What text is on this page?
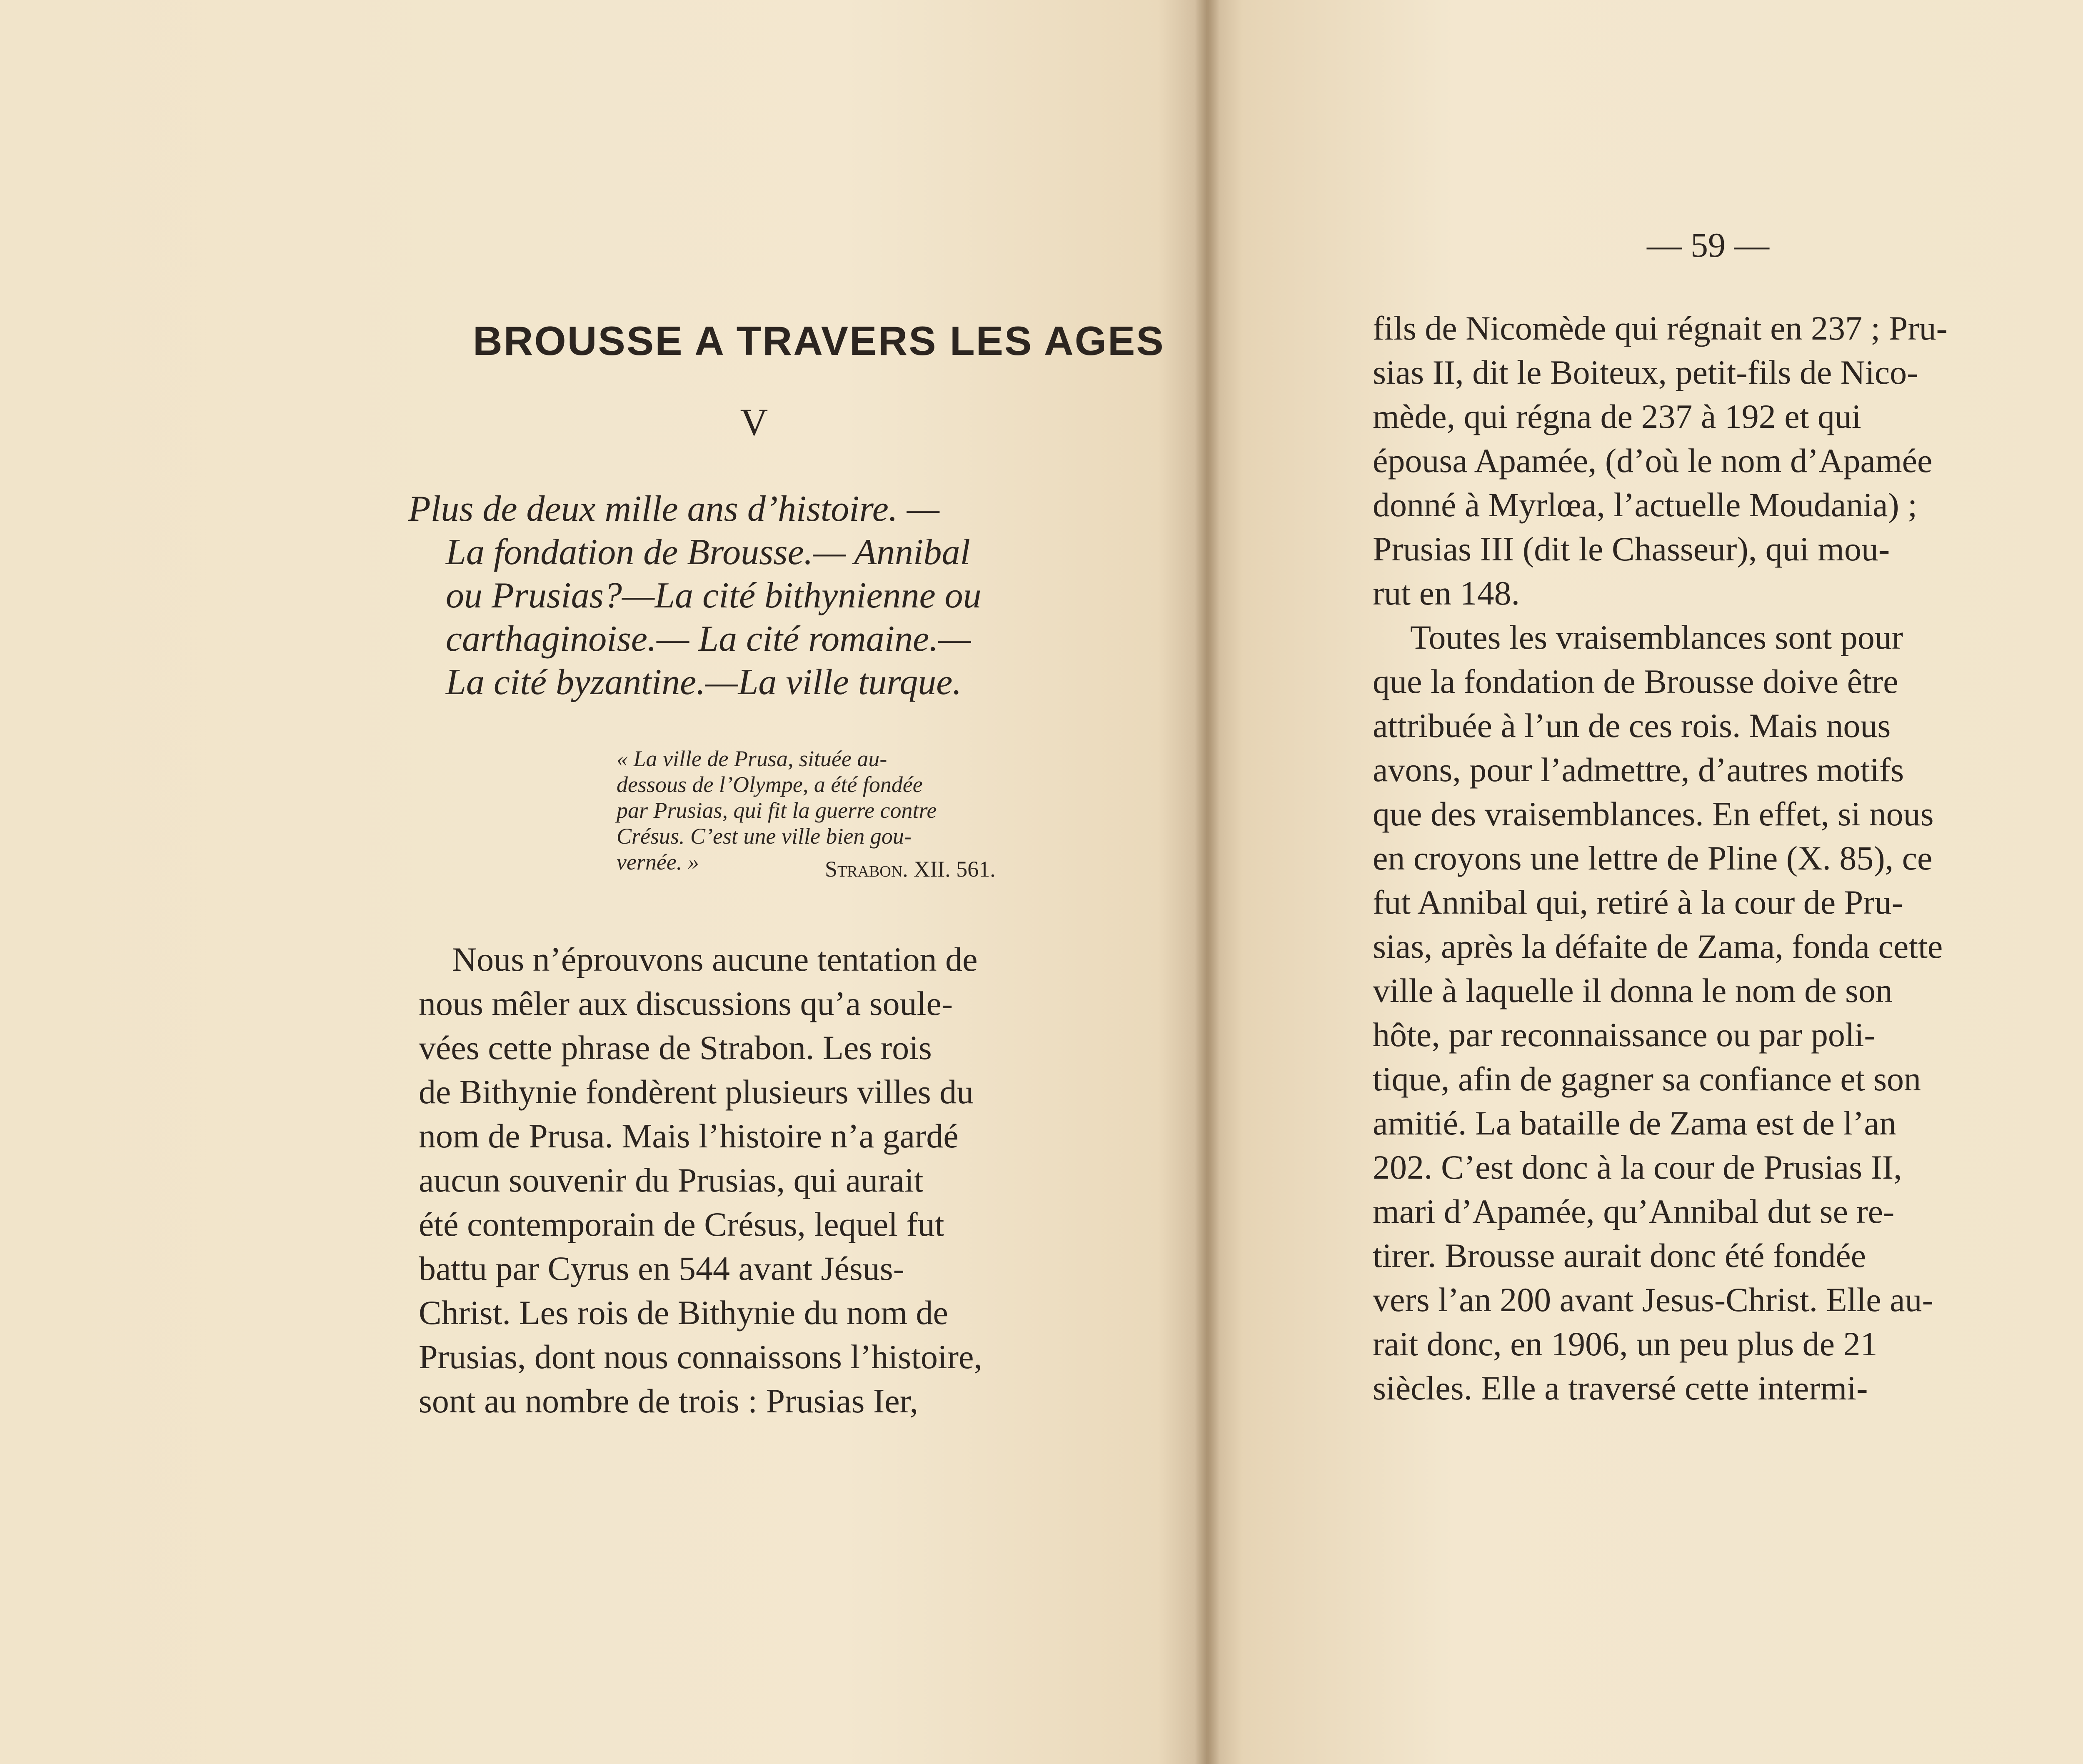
BROUSSE A TRAVERS LES AGES
V
Plus de deux mille ans d’histoire. —
La fondation de Brousse.— Annibal
ou Prusias?—La cité bithynienne ou
carthaginoise.— La cité romaine.—
La cité byzantine.—La ville turque.
« La ville de Prusa, située au-
dessous de l’Olympe, a été fondée
par Prusias, qui fit la guerre contre
Crésus. C’est une ville bien gou-
vernée. »	Strabon. XII. 561.
Nous n’éprouvons aucune tentation de
nous mêler aux discussions qu’a soule-
vées cette phrase de Strabon. Les rois
de Bithynie fondèrent plusieurs villes du
nom de Prusa. Mais l’histoire n’a gardé
aucun souvenir du Prusias, qui aurait
été contemporain de Crésus, lequel fut
battu par Cyrus en 544 avant Jésus-
Christ. Les rois de Bithynie du nom de
Prusias, dont nous connaissons l’histoire,
sont au nombre de trois : Prusias Ier,
— 59 —
fils de Nicomède qui régnait en 237 ; Pru-
sias II, dit le Boiteux, petit-fils de Nico-
mède, qui régna de 237 à 192 et qui
épousa Apamée, (d’où le nom d’Apamée
donné à Myrlœa, l’actuelle Moudania) ;
Prusias III (dit le Chasseur), qui mou-
rut en 148.
Toutes les vraisemblances sont pour
que la fondation de Brousse doive être
attribuée à l’un de ces rois. Mais nous
avons, pour l’admettre, d’autres motifs
que des vraisemblances. En effet, si nous
en croyons une lettre de Pline (X. 85), ce
fut Annibal qui, retiré à la cour de Pru-
sias, après la défaite de Zama, fonda cette
ville à laquelle il donna le nom de son
hôte, par reconnaissance ou par poli-
tique, afin de gagner sa confiance et son
amitié. La bataille de Zama est de l’an
202. C’est donc à la cour de Prusias II,
mari d’Apamée, qu’Annibal dut se re-
tirer. Brousse aurait donc été fondée
vers l’an 200 avant Jesus-Christ. Elle au-
rait donc, en 1906, un peu plus de 21
siècles. Elle a traversé cette intermi-
